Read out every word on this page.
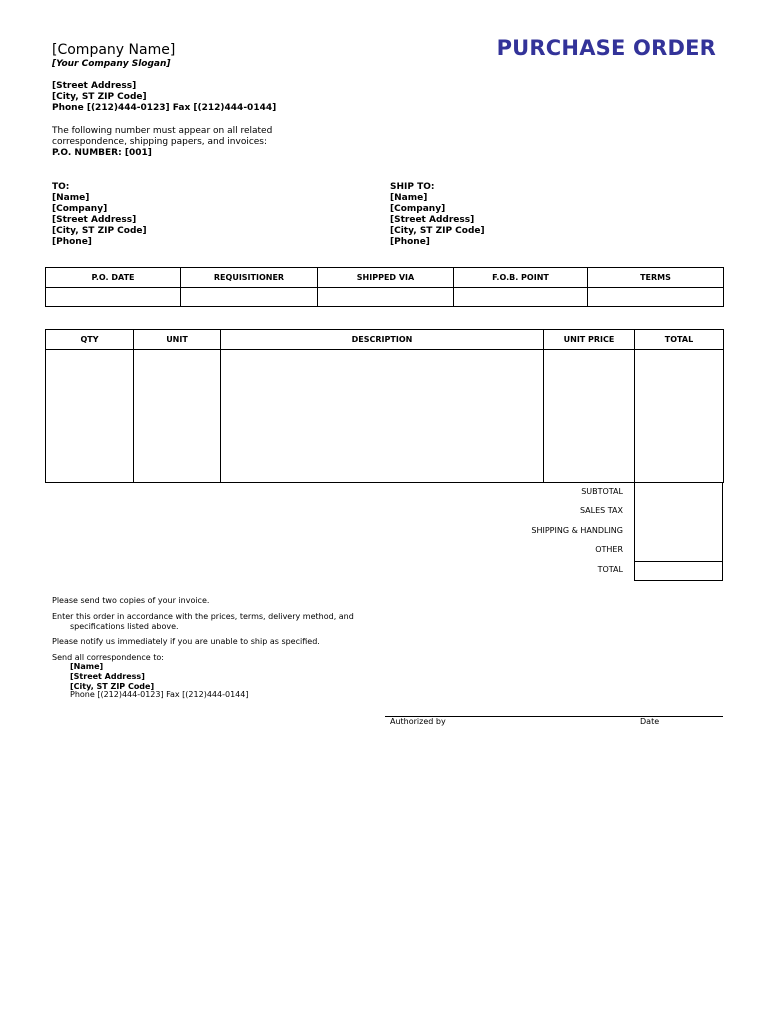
[Company Name]
[Your Company Slogan]
PURCHASE ORDER
[Street Address]
[City, ST ZIP Code]
Phone [(212)444-0123] Fax [(212)444-0144]
The following number must appear on all related
correspondence, shipping papers, and invoices:
P.O. NUMBER: [001]
TO:
[Name]
[Company]
[Street Address]
[City, ST ZIP Code]
[Phone]
SHIP TO:
[Name]
[Company]
[Street Address]
[City, ST ZIP Code]
[Phone]
P.O. DATE	REQUISITIONER	SHIPPED VIA	F.O.B. POINT	TERMS

QTY	UNIT	DESCRIPTION	UNIT PRICE	TOTAL

SUBTOTAL
SALES TAX
SHIPPING & HANDLING
OTHER
TOTAL
Please send two copies of your invoice.
Enter this order in accordance with the prices, terms, delivery method, and
specifications listed above.
Please notify us immediately if you are unable to ship as specified.
Send all correspondence to:
[Name]
[Street Address]
[City, ST ZIP Code]
Phone [(212)444-0123] Fax [(212)444-0144]
Authorized by	Date
